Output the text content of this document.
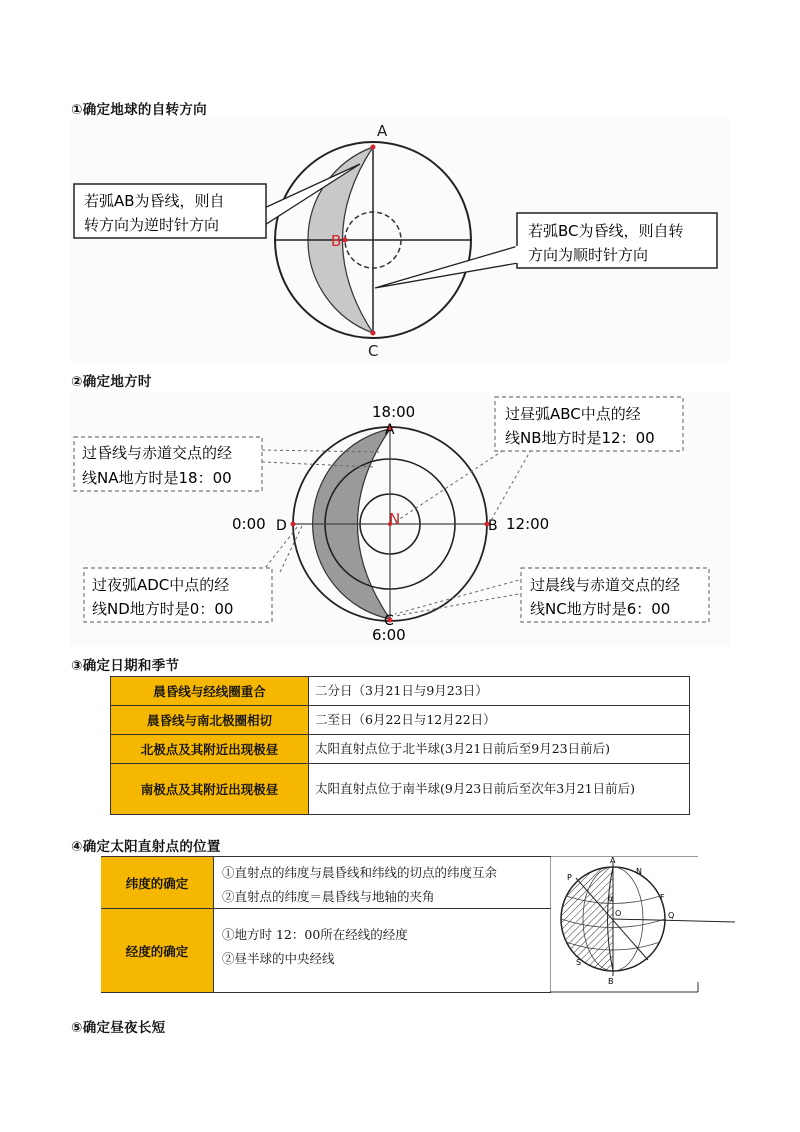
①确定地球的自转方向
A
C
B
若弧AB为昏线，则自
转方向为逆时针方向	若弧BC为昏线，则自转
方向为顺时针方向
②确定地方时
18:00
A
0:00 D	B 12:00
C
6:00
N
过昏线与赤道交点的经
线NA地方时是18：00
过昼弧ABC中点的经
线NB地方时是12：00
过夜弧ADC中点的经
线ND地方时是0：00
过晨线与赤道交点的经
线NC地方时是6：00
③确定日期和季节
晨昏线与经线圈重合	二分日（3月21日与9月23日）
晨昏线与南北极圈相切	二至日（6月22日与12月22日）
北极点及其附近出现极昼	太阳直射点位于北半球(3月21日前后至9月23日前后)
南极点及其附近出现极昼	太阳直射点位于南半球(9月23日前后至次年3月21日前后)
④确定太阳直射点的位置
纬度的确定
①直射点的纬度与晨昏线和纬线的切点的纬度互余
②直射点的纬度＝晨昏线与地轴的夹角
经度的确定
①地方时 12：00所在经线的经度
②昼半球的中央经线
A
N
P
F
Q
S
B
O
α
⑤确定昼夜长短
